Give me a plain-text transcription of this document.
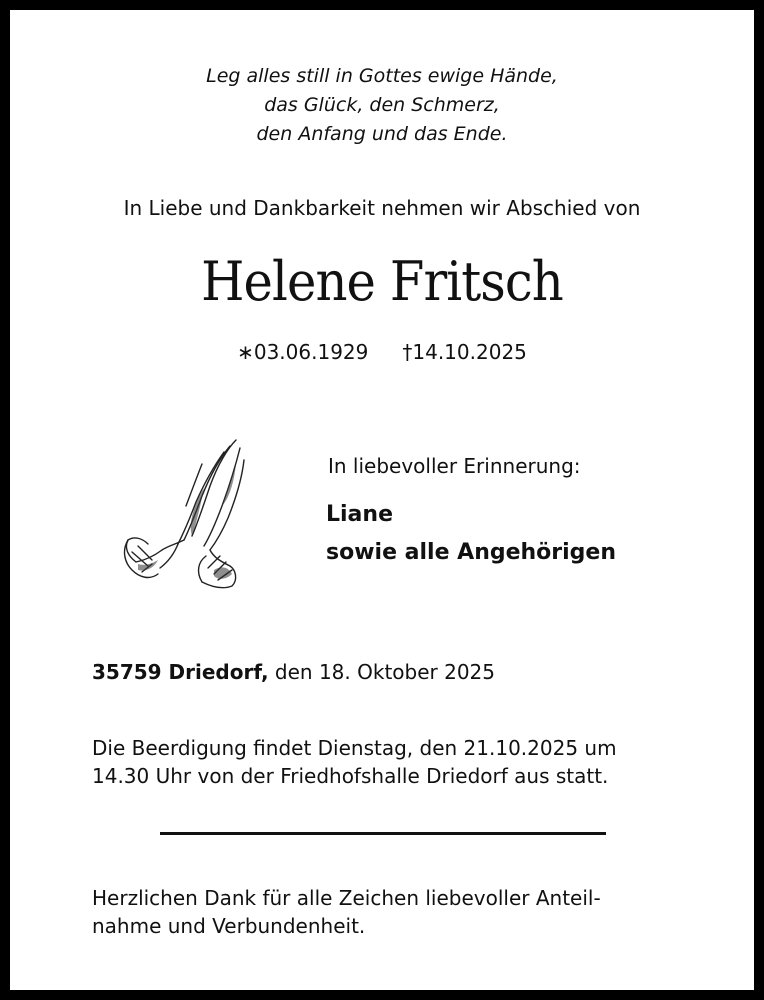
Leg alles still in Gottes ewige Hände,
das Glück, den Schmerz,
den Anfang und das Ende.
In Liebe und Dankbarkeit nehmen wir Abschied von
Helene Fritsch
∗03.06.1929 †14.10.2025
In liebevoller Erinnerung:
Liane
sowie alle Angehörigen
35759 Driedorf, den 18. Oktober 2025
Die Beerdigung findet Dienstag, den 21.10.2025 um
14.30 Uhr von der Friedhofshalle Driedorf aus statt.
Herzlichen Dank für alle Zeichen liebevoller Anteil-
nahme und Verbundenheit.
